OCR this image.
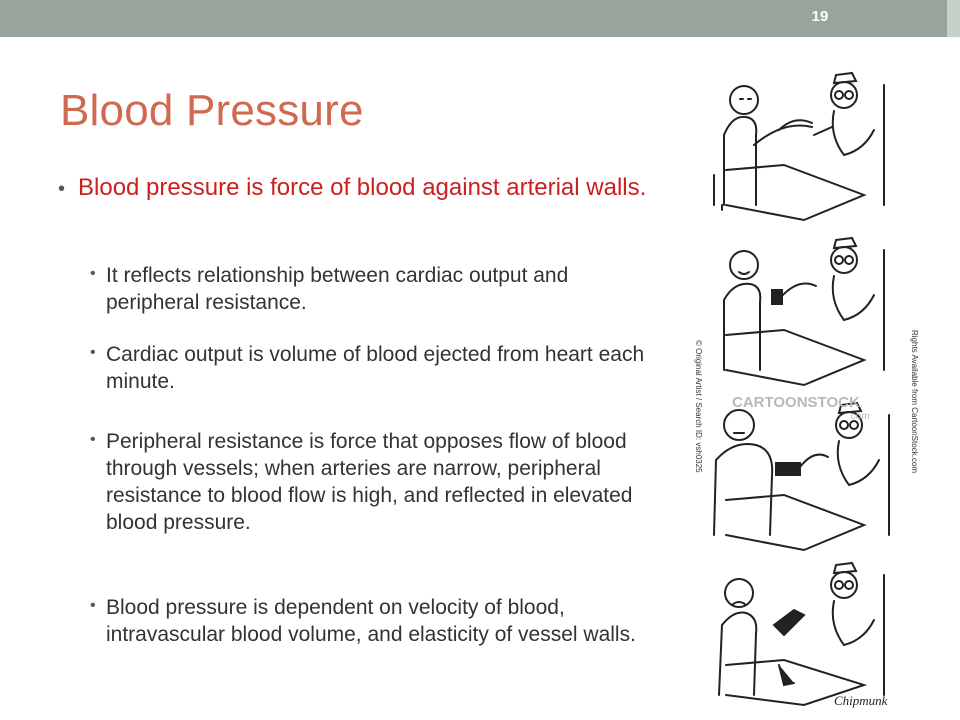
19
Blood Pressure
• Blood pressure is force of blood against arterial walls.
• It reflects relationship between cardiac output and peripheral resistance.
• Cardiac output is volume of blood ejected from heart each minute.
• Peripheral resistance is force that opposes flow of blood through vessels; when arteries are narrow, peripheral resistance to blood flow is high, and reflected in elevated blood pressure.
• Blood pressure is dependent on velocity of blood, intravascular blood volume, and elasticity of vessel walls.
CARTOONSTOCK
.com
© Original Artist / Search ID: vsh0325	Rights Available from CartoonStock.com
Chipmunk
